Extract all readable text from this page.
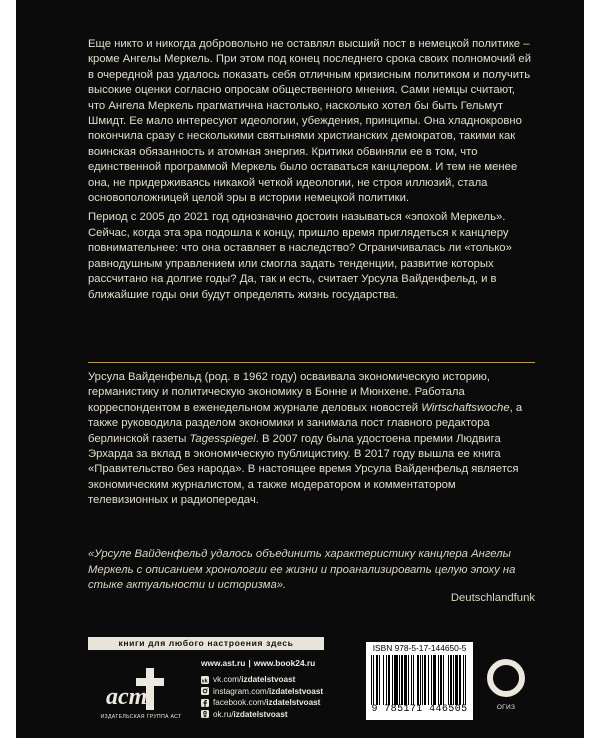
Еще никто и никогда добровольно не оставлял высший пост в немецкой политике – кроме Ангелы Меркель. При этом под конец последнего срока своих полномочий ей в очередной раз удалось показать себя отличным кризисным политиком и получить высокие оценки согласно опросам общественного мнения. Сами немцы считают, что Ангела Меркель прагматична настолько, насколько хотел бы быть Гельмут Шмидт. Ее мало интересуют идеологии, убеждения, принципы. Она хладнокровно покончила сразу с несколькими святынями христианских демократов, такими как воинская обязанность и атомная энергия. Критики обвиняли ее в том, что единственной программой Меркель было оставаться канцлером. И тем не менее она, не придерживаясь никакой четкой идеологии, не строя иллюзий, стала основоположницей целой эры в истории немецкой политики.

Период с 2005 до 2021 год однозначно достоин называться «эпохой Меркель». Сейчас, когда эта эра подошла к концу, пришло время приглядеться к канцлеру повнимательнее: что она оставляет в наследство? Ограничивалась ли «только» равнодушным управлением или смогла задать тенденции, развитие которых рассчитано на долгие годы? Да, так и есть, считает Урсула Вайденфельд, и в ближайшие годы они будут определять жизнь государства.

Урсула Вайденфельд (род. в 1962 году) осваивала экономическую историю, германистику и политическую экономику в Бонне и Мюнхене. Работала корреспондентом в еженедельном журнале деловых новостей Wirtschaftswoche, а также руководила разделом экономики и занимала пост главного редактора берлинской газеты Tagesspiegel. В 2007 году была удостоена премии Людвига Эрхарда за вклад в экономическую публицистику. В 2017 году вышла ее книга «Правительство без народа». В настоящее время Урсула Вайденфельд является экономическим журналистом, а также модератором и комментатором телевизионных и радиопередач.

«Урсуле Вайденфельд удалось объединить характеристику канцлера Ангелы Меркель с описанием хронологии ее жизни и проанализировать целую эпоху на стыке актуальности и историзма».
Deutschlandfunk
книги для любого настроения здесь
аст
ИЗДАТЕЛЬСКАЯ ГРУППА АСТ
www.ast.ru | www.book24.ru
vk vk.com/ izdatelstvoast
instagram.com/ izdatelstvoast
facebook.com/ izdatelstvoast
ok.ru/ izdatelstvoast
ISBN 978-5-17-144650-5
9 785171 446505	ОГИЗ
